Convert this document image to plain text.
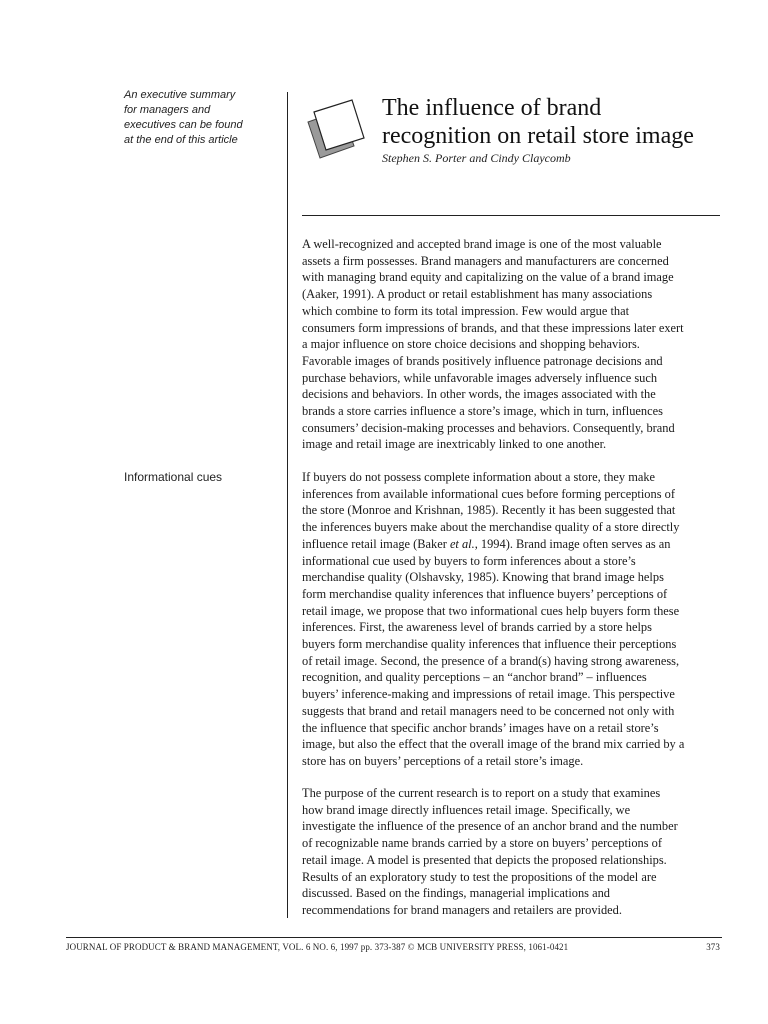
An executive summary
for managers and
executives can be found
at the end of this article
The influence of brand
recognition on retail store image
Stephen S. Porter and Cindy Claycomb
A well-recognized and accepted brand image is one of the most valuable
assets a firm possesses. Brand managers and manufacturers are concerned
with managing brand equity and capitalizing on the value of a brand image
(Aaker, 1991). A product or retail establishment has many associations
which combine to form its total impression. Few would argue that
consumers form impressions of brands, and that these impressions later exert
a major influence on store choice decisions and shopping behaviors.
Favorable images of brands positively influence patronage decisions and
purchase behaviors, while unfavorable images adversely influence such
decisions and behaviors. In other words, the images associated with the
brands a store carries influence a store’s image, which in turn, influences
consumers’ decision-making processes and behaviors. Consequently, brand
image and retail image are inextricably linked to one another.
Informational cues	If buyers do not possess complete information about a store, they make
inferences from available informational cues before forming perceptions of
the store (Monroe and Krishnan, 1985). Recently it has been suggested that
the inferences buyers make about the merchandise quality of a store directly
influence retail image (Baker et al., 1994). Brand image often serves as an
informational cue used by buyers to form inferences about a store’s
merchandise quality (Olshavsky, 1985). Knowing that brand image helps
form merchandise quality inferences that influence buyers’ perceptions of
retail image, we propose that two informational cues help buyers form these
inferences. First, the awareness level of brands carried by a store helps
buyers form merchandise quality inferences that influence their perceptions
of retail image. Second, the presence of a brand(s) having strong awareness,
recognition, and quality perceptions – an “anchor brand” – influences
buyers’ inference-making and impressions of retail image. This perspective
suggests that brand and retail managers need to be concerned not only with
the influence that specific anchor brands’ images have on a retail store’s
image, but also the effect that the overall image of the brand mix carried by a
store has on buyers’ perceptions of a retail store’s image.
The purpose of the current research is to report on a study that examines
how brand image directly influences retail image. Specifically, we
investigate the influence of the presence of an anchor brand and the number
of recognizable name brands carried by a store on buyers’ perceptions of
retail image. A model is presented that depicts the proposed relationships.
Results of an exploratory study to test the propositions of the model are
discussed. Based on the findings, managerial implications and
recommendations for brand managers and retailers are provided.
JOURNAL OF PRODUCT & BRAND MANAGEMENT, VOL. 6 NO. 6, 1997 pp. 373-387 © MCB UNIVERSITY PRESS, 1061-0421	373
